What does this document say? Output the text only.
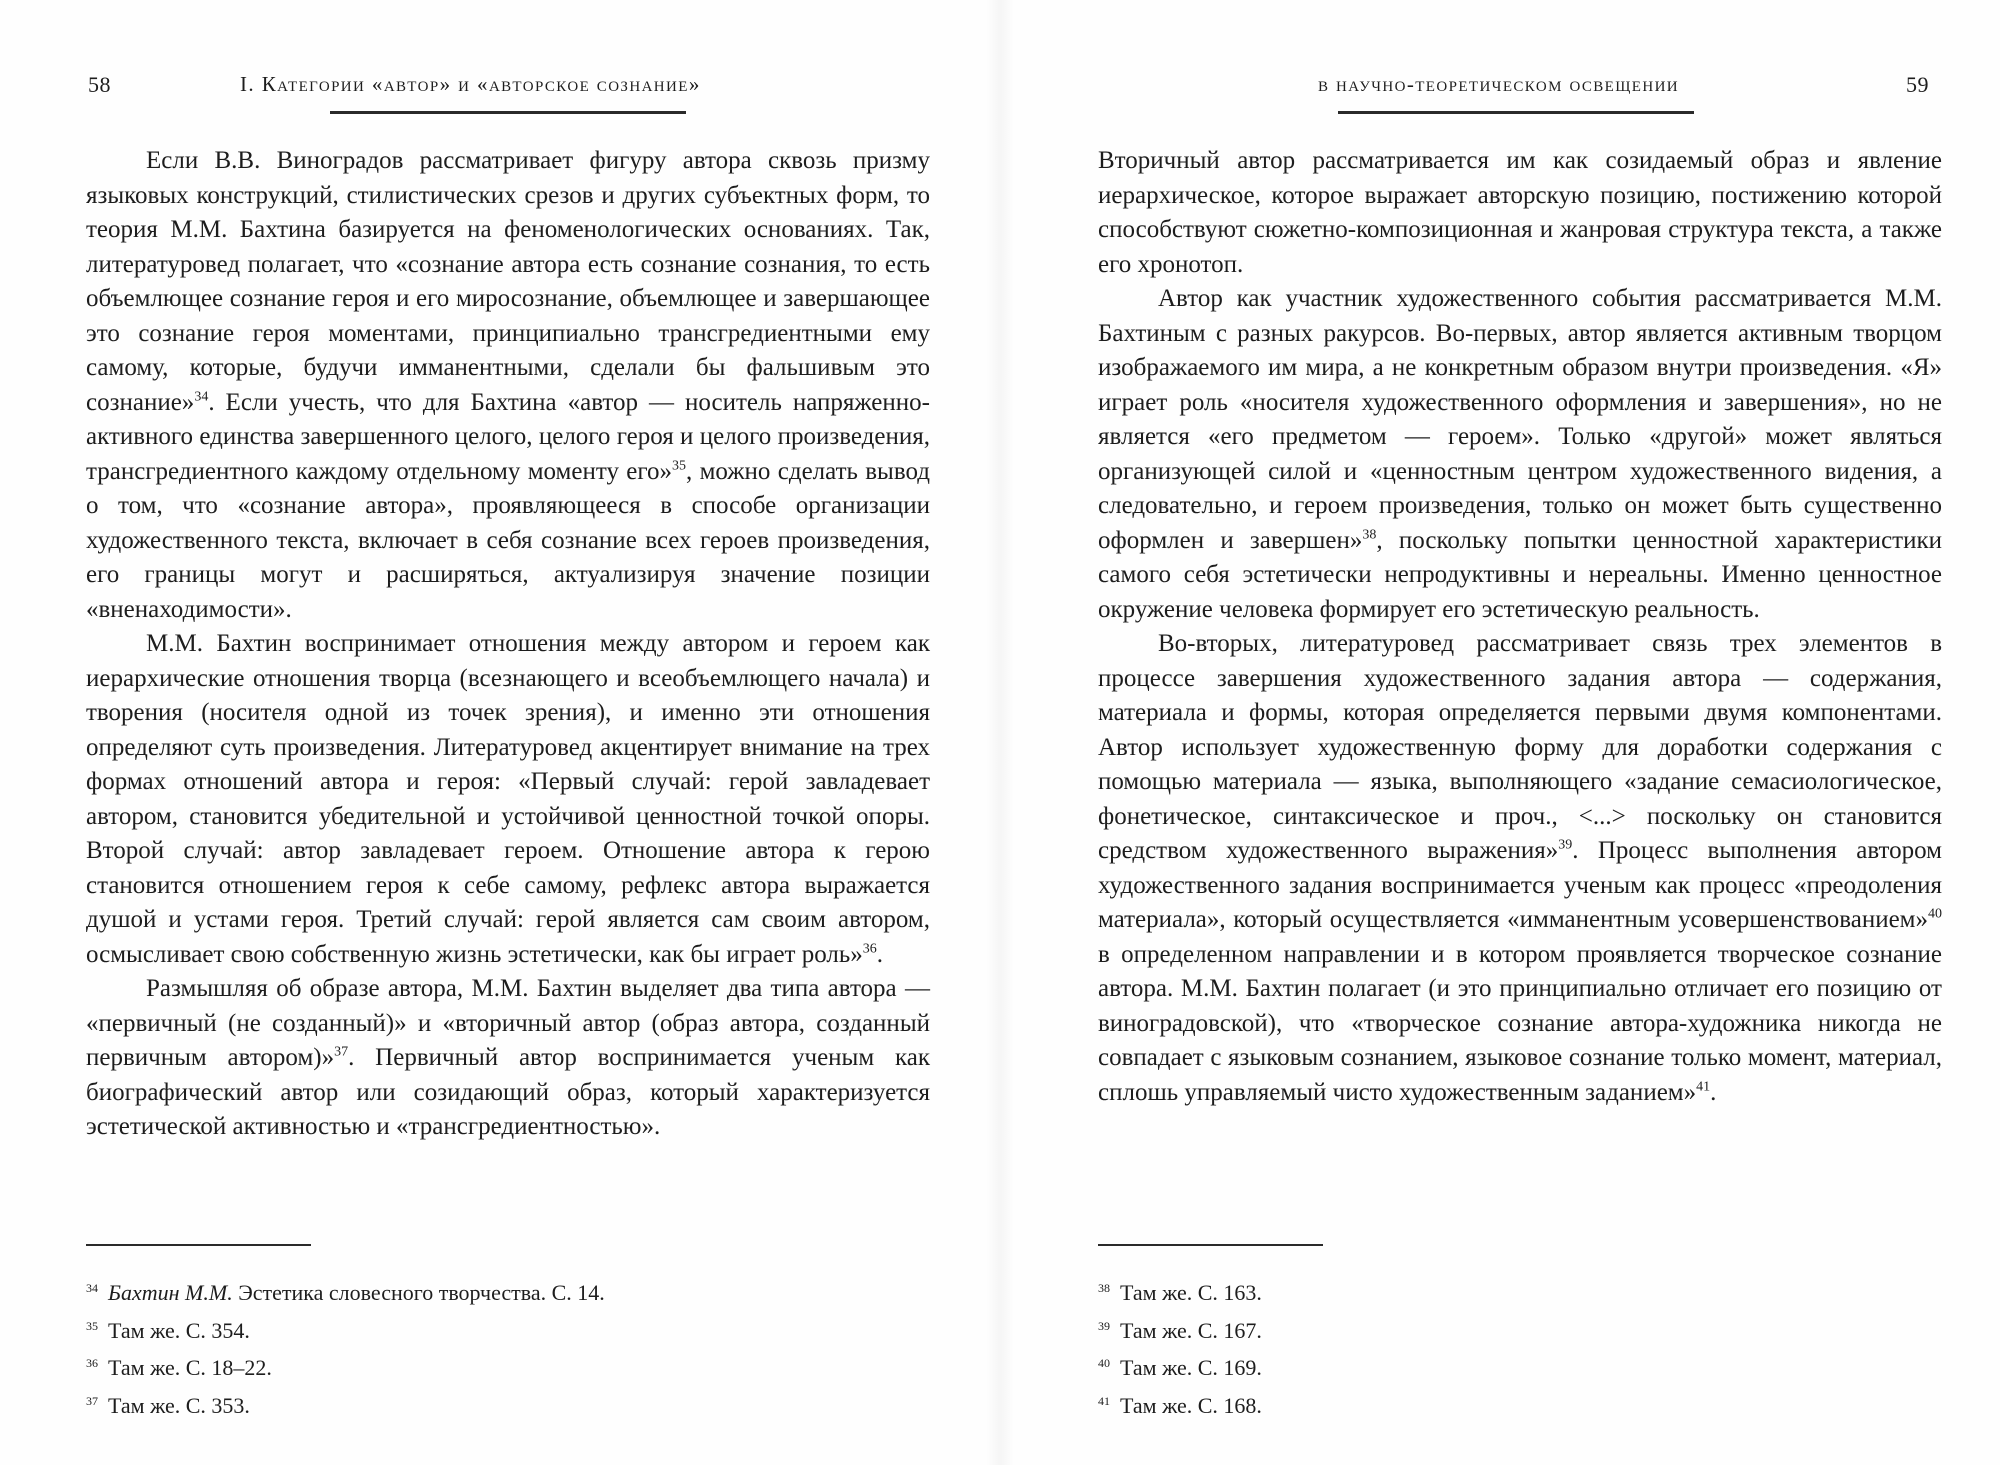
58	I. Категории «автор» и «авторское сознание»

Если В.В. Виноградов рассматривает фигуру автора сквозь призму языковых конструкций, стилистических срезов и других субъектных форм, то теория М.М. Бахтина базируется на феноменологических основаниях. Так, литературовед полагает, что «сознание автора есть сознание сознания, то есть объемлющее сознание героя и его миросознание, объемлющее и завершающее это сознание героя моментами, принципиально трансгредиентными ему самому, которые, будучи имманентными, сделали бы фальшивым это сознание»$^{34}$. Если учесть, что для Бахтина «автор — носитель напряженно-активного единства завершенного целого, целого героя и целого произведения, трансгредиентного каждому отдельному моменту его»$^{35}$, можно сделать вывод о том, что «сознание автора», проявляющееся в способе организации художественного текста, включает в себя сознание всех героев произведения, его границы могут и расширяться, актуализируя значение позиции «вненаходимости».

М.М. Бахтин воспринимает отношения между автором и героем как иерархические отношения творца (всезнающего и всеобъемлющего начала) и творения (носителя одной из точек зрения), и именно эти отношения определяют суть произведения. Литературовед акцентирует внимание на трех формах отношений автора и героя: «Первый случай: герой завладевает автором, становится убедительной и устойчивой ценностной точкой опоры. Второй случай: автор завладевает героем. Отношение автора к герою становится отношением героя к себе самому, рефлекс автора выражается душой и устами героя. Третий случай: герой является сам своим автором, осмысливает свою собственную жизнь эстетически, как бы играет роль»$^{36}$.

Размышляя об образе автора, М.М. Бахтин выделяет два типа автора — «первичный (не созданный)» и «вторичный автор (образ автора, созданный первичным автором)»$^{37}$. Первичный автор воспринимается ученым как биографический автор или созидающий образ, который характеризуется эстетической активностью и «трансгредиентностью».

34 Бахтин М.М. Эстетика словесного творчества. С. 14.
35 Там же. С. 354.
36 Там же. С. 18–22.
37 Там же. С. 353.
59
в научно-теоретическом освещении

Вторичный автор рассматривается им как созидаемый образ и явление иерархическое, которое выражает авторскую позицию, постижению которой способствуют сюжетно-композиционная и жанровая структура текста, а также его хронотоп.

Автор как участник художественного события рассматривается М.М. Бахтиным с разных ракурсов. Во-первых, автор является активным творцом изображаемого им мира, а не конкретным образом внутри произведения. «Я» играет роль «носителя художественного оформления и завершения», но не является «его предметом — героем». Только «другой» может являться организующей силой и «ценностным центром художественного видения, а следовательно, и героем произведения, только он может быть существенно оформлен и завершен»$^{38}$, поскольку попытки ценностной характеристики самого себя эстетически непродуктивны и нереальны. Именно ценностное окружение человека формирует его эстетическую реальность.

Во-вторых, литературовед рассматривает связь трех элементов в процессе завершения художественного задания автора — содержания, материала и формы, которая определяется первыми двумя компонентами. Автор использует художественную форму для доработки содержания с помощью материала — языка, выполняющего «задание семасиологическое, фонетическое, синтаксическое и проч., <...> поскольку он становится средством художественного выражения»$^{39}$. Процесс выполнения автором художественного задания воспринимается ученым как процесс «преодоления материала», который осуществляется «имманентным усовершенствованием»$^{40}$ в определенном направлении и в котором проявляется творческое сознание автора. М.М. Бахтин полагает (и это принципиально отличает его позицию от виноградовской), что «творческое сознание автора-художника никогда не совпадает с языковым сознанием, языковое сознание только момент, материал, сплошь управляемый чисто художественным заданием»$^{41}$.

38 Там же. С. 163.
39 Там же. С. 167.
40 Там же. С. 169.
41 Там же. С. 168.
